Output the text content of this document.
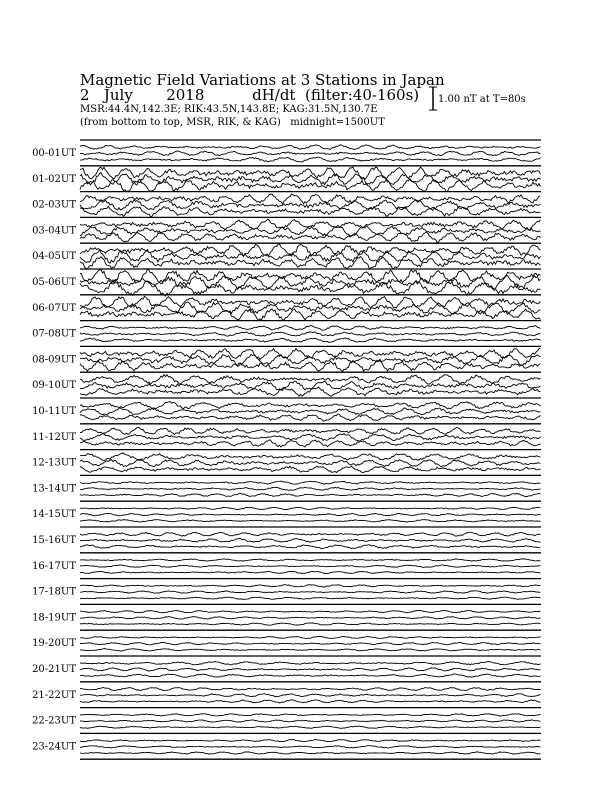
Magnetic Field Variations at 3 Stations in Japan
2 July 2018	dH/dt (filter:40-160s)
MSR:44.4N,142.3E; RIK:43.5N,143.8E; KAG:31.5N,130.7E
(from bottom to top, MSR, RIK, & KAG)   midnight=1500UT
1.00 nT at T=80s
00-01UT
01-02UT
02-03UT
03-04UT
04-05UT
05-06UT
06-07UT
07-08UT
08-09UT
09-10UT
10-11UT
11-12UT
12-13UT
13-14UT
14-15UT
15-16UT
16-17UT
17-18UT
18-19UT
19-20UT
20-21UT
21-22UT
22-23UT
23-24UT
